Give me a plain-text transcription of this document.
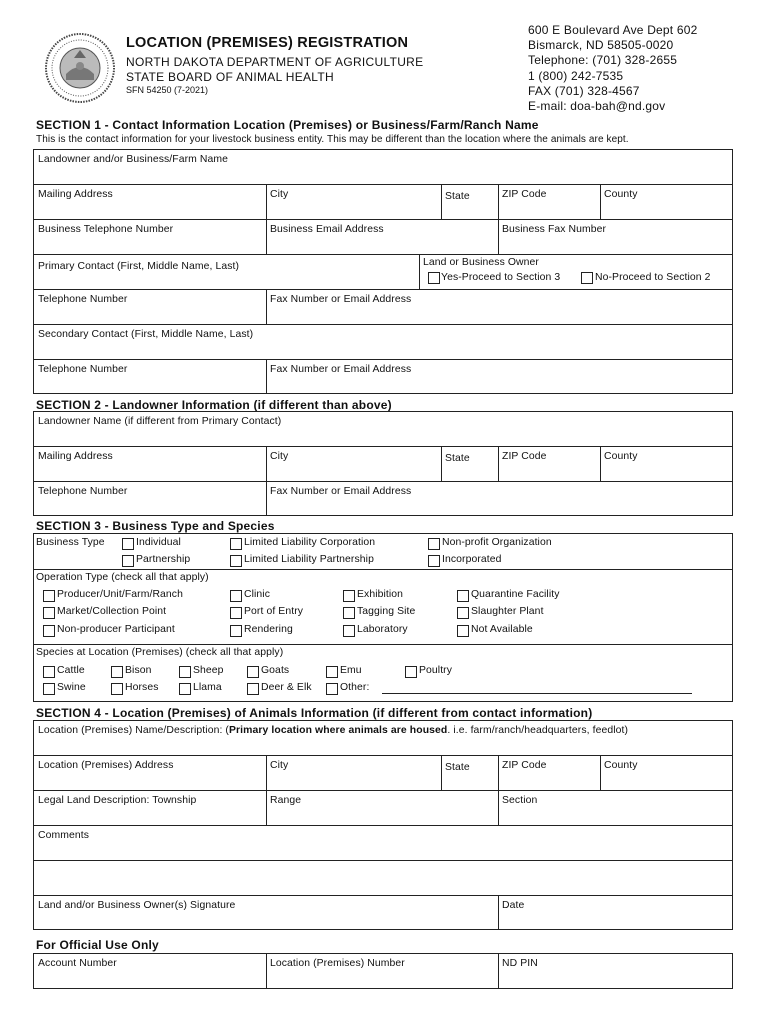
LOCATION (PREMISES) REGISTRATION
NORTH DAKOTA DEPARTMENT OF AGRICULTURE
STATE BOARD OF ANIMAL HEALTH
SFN 54250 (7-2021)
600 E Boulevard Ave Dept 602
Bismarck, ND 58505-0020
Telephone: (701) 328-2655
1 (800) 242-7535
FAX (701) 328-4567
E-mail: doa-bah@nd.gov
SECTION 1 - Contact Information Location (Premises) or Business/Farm/Ranch Name
This is the contact information for your livestock business entity. This may be different than the location where the animals are kept.
Landowner and/or Business/Farm Name
Mailing Address	City	State	ZIP Code	County
Business Telephone Number	Business Email Address	Business Fax Number
Primary Contact (First, Middle Name, Last)	Land or Business Owner
Yes-Proceed to Section 3	No-Proceed to Section 2
Telephone Number	Fax Number or Email Address
Secondary Contact (First, Middle Name, Last)
Telephone Number	Fax Number or Email Address
SECTION 2 - Landowner Information (if different than above)
Landowner Name (if different from Primary Contact)
Mailing Address	City	State	ZIP Code	County
Telephone Number	Fax Number or Email Address
SECTION 3 - Business Type and Species
Business Type	Individual	Limited Liability Corporation	Non-profit Organization
Partnership	Limited Liability Partnership	Incorporated
Operation Type (check all that apply)
Producer/Unit/Farm/Ranch	Clinic	Exhibition	Quarantine Facility
Market/Collection Point	Port of Entry	Tagging Site	Slaughter Plant
Non-producer Participant	Rendering	Laboratory	Not Available
Species at Location (Premises) (check all that apply)
Cattle	Bison	Sheep	Goats	Emu	Poultry
Swine	Horses	Llama	Deer & Elk	Other:
SECTION 4 - Location (Premises) of Animals Information (if different from contact information)
Location (Premises) Name/Description: (Primary location where animals are housed. i.e. farm/ranch/headquarters, feedlot)
Location (Premises) Address	City	State	ZIP Code	County
Legal Land Description: Township	Range	Section
Comments
Land and/or Business Owner(s) Signature	Date
For Official Use Only
Account Number	Location (Premises) Number	ND PIN
